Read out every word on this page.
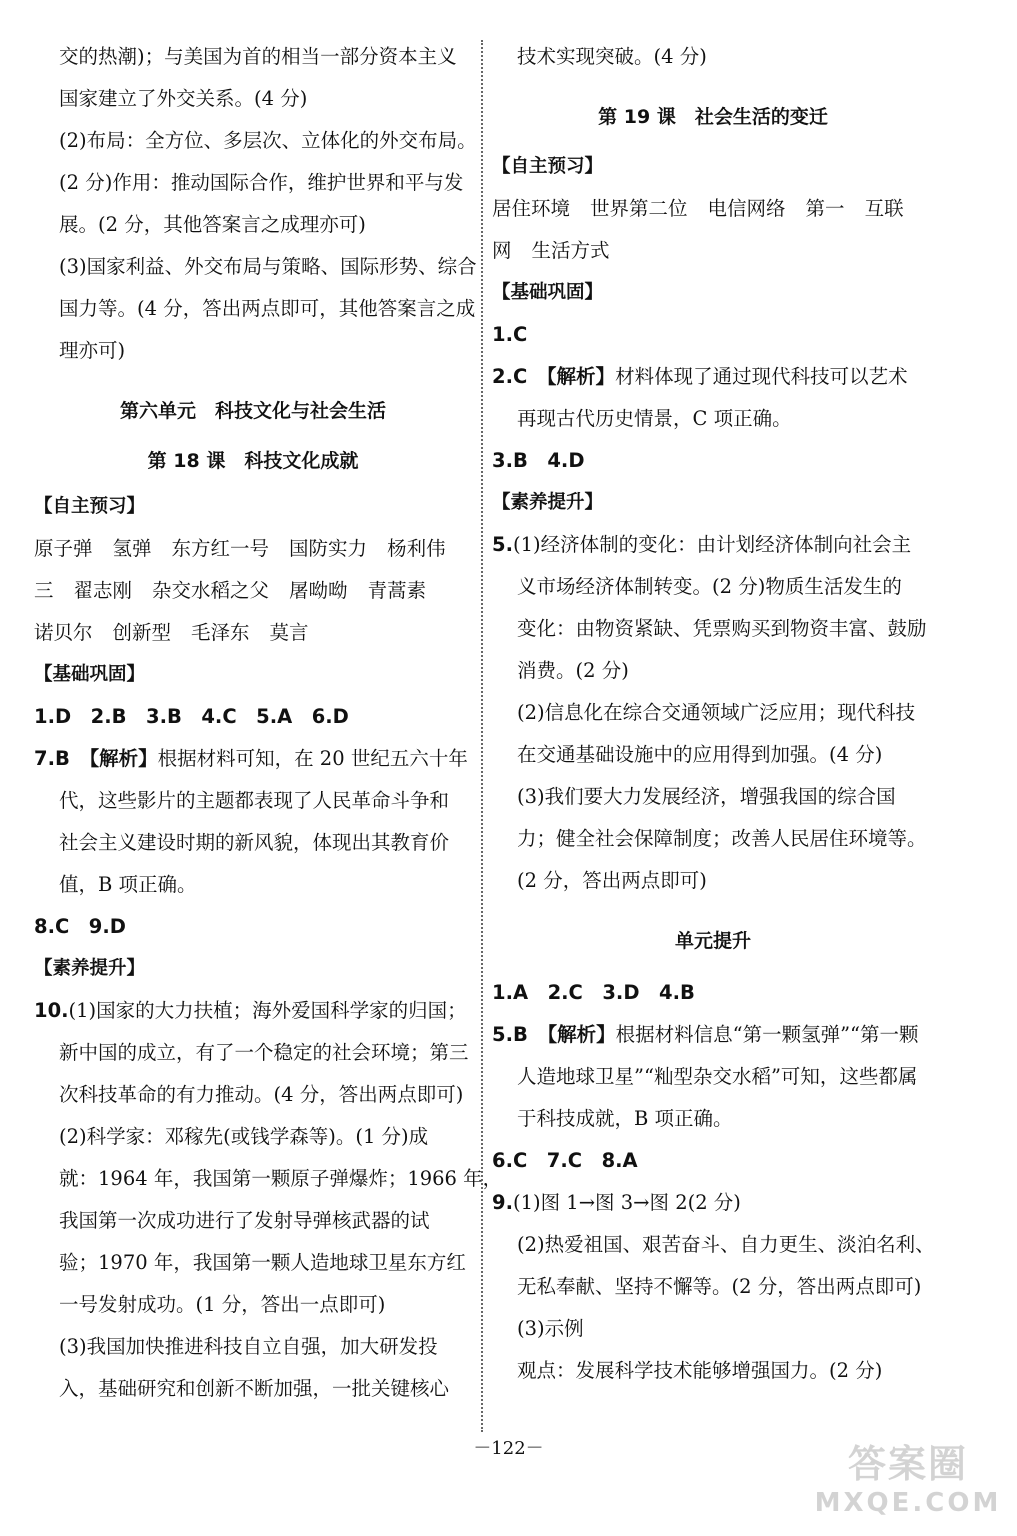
交的热潮)；与美国为首的相当一部分资本主义
国家建立了外交关系。(4 分)
(2)布局：全方位、多层次、立体化的外交布局。
(2 分)作用：推动国际合作，维护世界和平与发
展。(2 分，其他答案言之成理亦可)
(3)国家利益、外交布局与策略、国际形势、综合
国力等。(4 分，答出两点即可，其他答案言之成
理亦可)
第六单元　科技文化与社会生活
第 18 课　科技文化成就
【自主预习】
原子弹 氢弹 东方红一号 国防实力 杨利伟
三 翟志刚 杂交水稻之父 屠呦呦 青蒿素
诺贝尔 创新型 毛泽东 莫言
【基础巩固】
1.D　2.B　3.B　4.C　5.A　6.D
7.B　【解析】根据材料可知，在 20 世纪五六十年
代，这些影片的主题都表现了人民革命斗争和
社会主义建设时期的新风貌，体现出其教育价
值，B 项正确。
8.C　9.D
【素养提升】
10.(1)国家的大力扶植；海外爱国科学家的归国；
新中国的成立，有了一个稳定的社会环境；第三
次科技革命的有力推动。(4 分，答出两点即可)
(2)科学家：邓稼先(或钱学森等)。(1 分)成
就：1964 年，我国第一颗原子弹爆炸；1966 年，
我国第一次成功进行了发射导弹核武器的试
验；1970 年，我国第一颗人造地球卫星东方红
一号发射成功。(1 分，答出一点即可)
(3)我国加快推进科技自立自强，加大研发投
入，基础研究和创新不断加强，一批关键核心
技术实现突破。(4 分)
第 19 课　社会生活的变迁
【自主预习】
居住环境 世界第二位 电信网络 第一 互联
网 生活方式
【基础巩固】
1.C
2.C　【解析】材料体现了通过现代科技可以艺术
再现古代历史情景，C 项正确。
3.B　4.D
【素养提升】
5.(1)经济体制的变化：由计划经济体制向社会主
义市场经济体制转变。(2 分)物质生活发生的
变化：由物资紧缺、凭票购买到物资丰富、鼓励
消费。(2 分)
(2)信息化在综合交通领域广泛应用；现代科技
在交通基础设施中的应用得到加强。(4 分)
(3)我们要大力发展经济，增强我国的综合国
力；健全社会保障制度；改善人民居住环境等。
(2 分，答出两点即可)
单元提升
1.A　2.C　3.D　4.B
5.B　【解析】根据材料信息“第一颗氢弹”“第一颗
人造地球卫星”“籼型杂交水稻”可知，这些都属
于科技成就，B 项正确。
6.C　7.C　8.A
9.(1)图 1→图 3→图 2(2 分)
(2)热爱祖国、艰苦奋斗、自力更生、淡泊名利、
无私奉献、坚持不懈等。(2 分，答出两点即可)
(3)示例
观点：发展科学技术能够增强国力。(2 分)
－122－	答案圈
MXQE.COM
